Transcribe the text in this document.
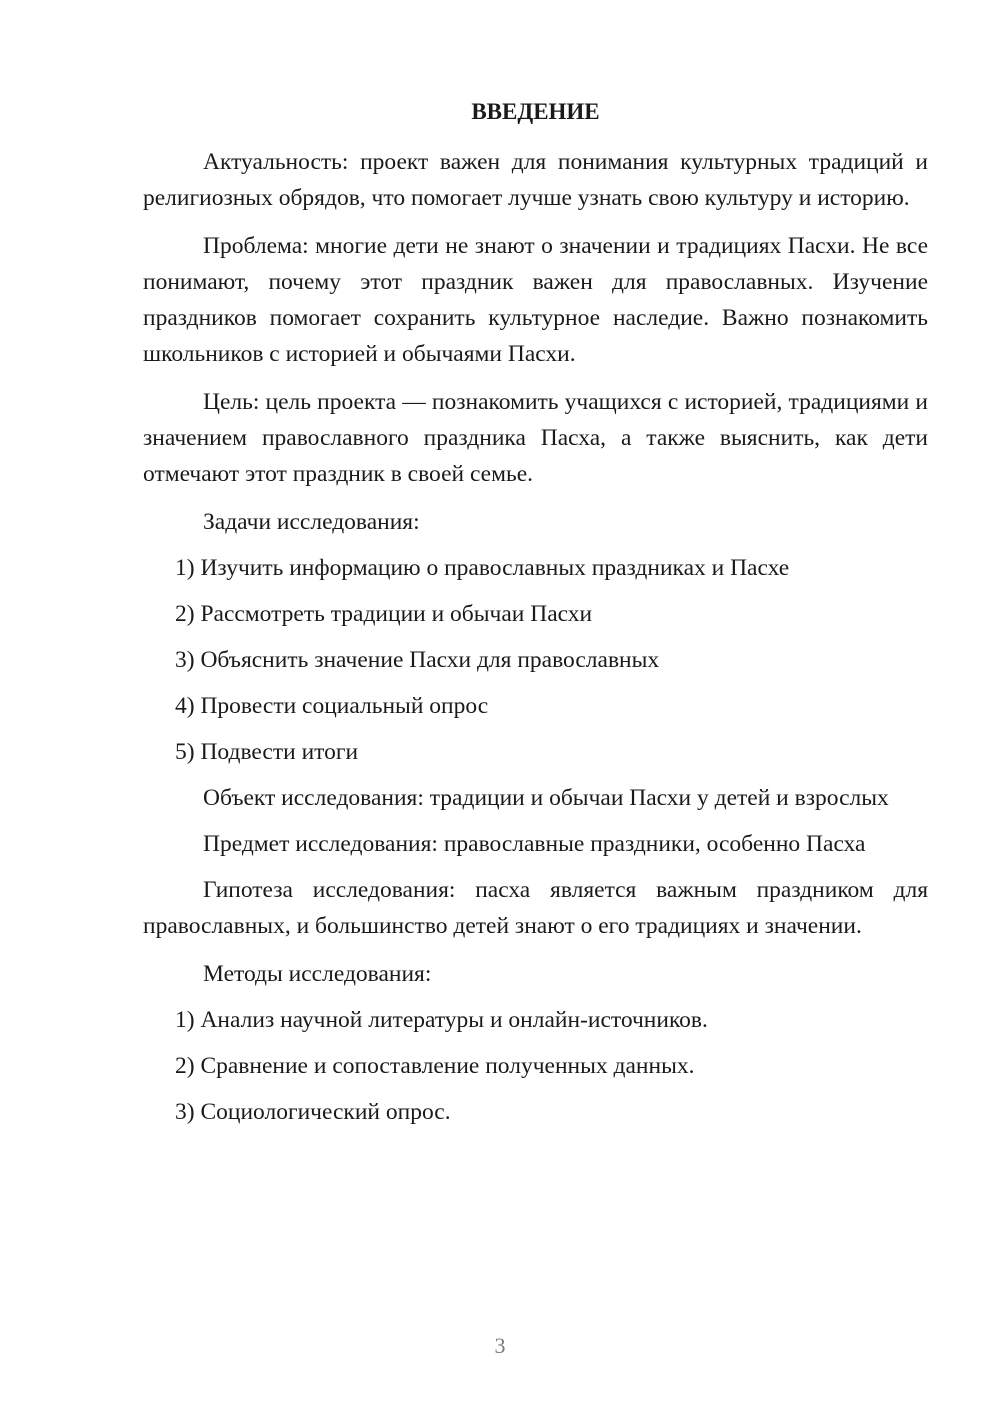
ВВЕДЕНИЕ

Актуальность: проект важен для понимания культурных традиций и религиозных обрядов, что помогает лучше узнать свою культуру и историю.

Проблема: многие дети не знают о значении и традициях Пасхи. Не все понимают, почему этот праздник важен для православных. Изучение праздников помогает сохранить культурное наследие. Важно познакомить школьников с историей и обычаями Пасхи.

Цель: цель проекта — познакомить учащихся с историей, традициями и значением православного праздника Пасха, а также выяснить, как дети отмечают этот праздник в своей семье.

Задачи исследования:

1) Изучить информацию о православных праздниках и Пасхе

2) Рассмотреть традиции и обычаи Пасхи

3) Объяснить значение Пасхи для православных

4) Провести социальный опрос

5) Подвести итоги

Объект исследования: традиции и обычаи Пасхи у детей и взрослых

Предмет исследования: православные праздники, особенно Пасха

Гипотеза исследования: пасха является важным праздником для православных, и большинство детей знают о его традициях и значении.

Методы исследования:

1) Анализ научной литературы и онлайн-источников.

2) Сравнение и сопоставление полученных данных.

3) Социологический опрос.

3
